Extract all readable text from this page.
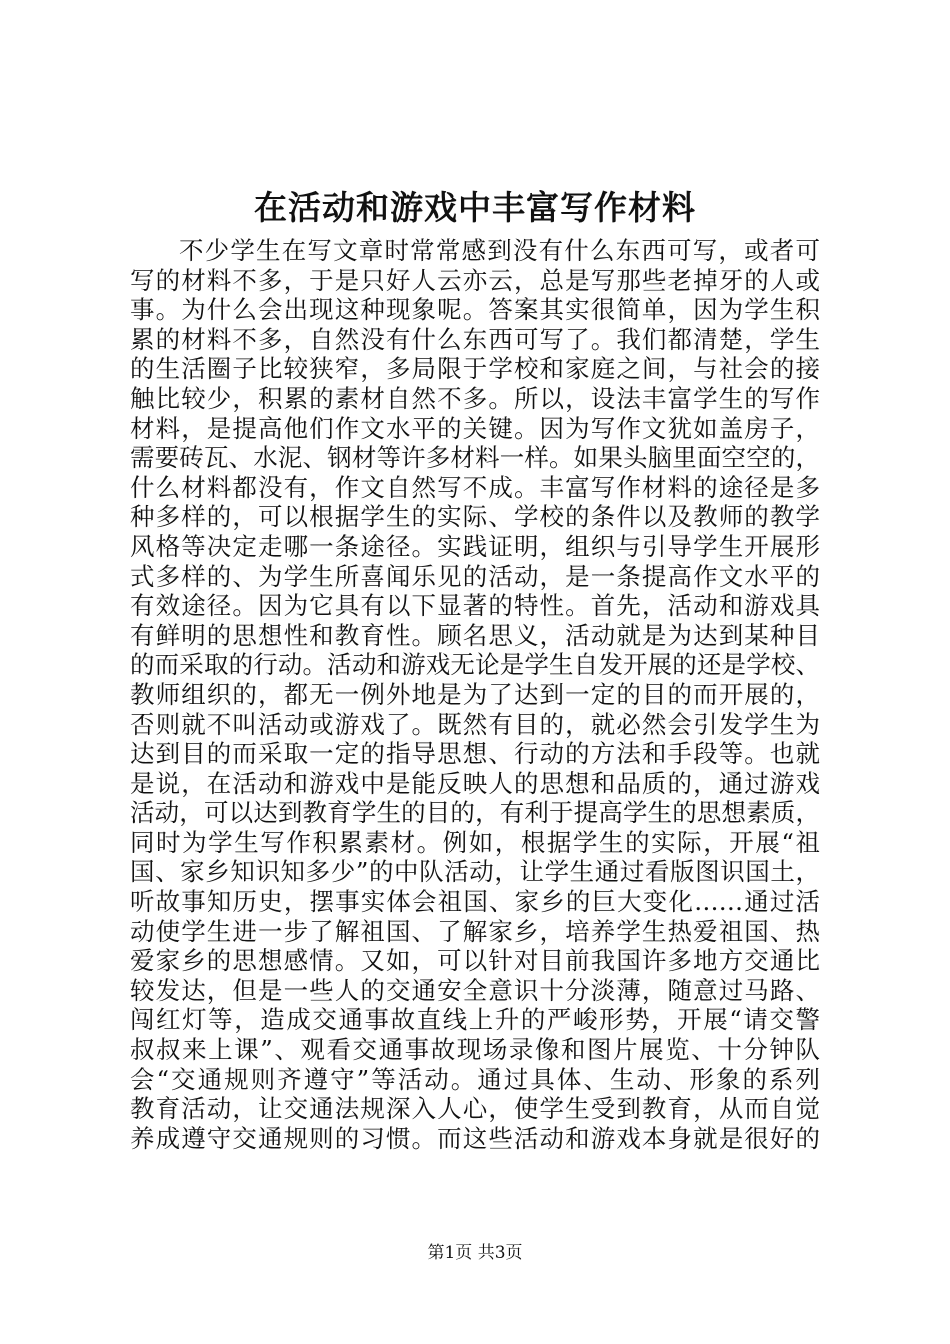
在活动和游戏中丰富写作材料
不少学生在写文章时常常感到没有什么东西可写，或者可
写的材料不多，于是只好人云亦云，总是写那些老掉牙的人或
事。为什么会出现这种现象呢。答案其实很简单，因为学生积
累的材料不多，自然没有什么东西可写了。我们都清楚，学生
的生活圈子比较狭窄，多局限于学校和家庭之间，与社会的接
触比较少，积累的素材自然不多。所以，设法丰富学生的写作
材料，是提高他们作文水平的关键。因为写作文犹如盖房子，
需要砖瓦、水泥、钢材等许多材料一样。如果头脑里面空空的，
什么材料都没有，作文自然写不成。丰富写作材料的途径是多
种多样的，可以根据学生的实际、学校的条件以及教师的教学
风格等决定走哪一条途径。实践证明，组织与引导学生开展形
式多样的、为学生所喜闻乐见的活动，是一条提高作文水平的
有效途径。因为它具有以下显著的特性。首先，活动和游戏具
有鲜明的思想性和教育性。顾名思义，活动就是为达到某种目
的而采取的行动。活动和游戏无论是学生自发开展的还是学校、
教师组织的，都无一例外地是为了达到一定的目的而开展的，
否则就不叫活动或游戏了。既然有目的，就必然会引发学生为
达到目的而采取一定的指导思想、行动的方法和手段等。也就
是说，在活动和游戏中是能反映人的思想和品质的，通过游戏
活动，可以达到教育学生的目的，有利于提高学生的思想素质，
同时为学生写作积累素材。例如，根据学生的实际，开展“祖
国、家乡知识知多少”的中队活动，让学生通过看版图识国土，
听故事知历史，摆事实体会祖国、家乡的巨大变化……通过活
动使学生进一步了解祖国、了解家乡，培养学生热爱祖国、热
爱家乡的思想感情。又如，可以针对目前我国许多地方交通比
较发达，但是一些人的交通安全意识十分淡薄，随意过马路、
闯红灯等，造成交通事故直线上升的严峻形势，开展“请交警
叔叔来上课”、观看交通事故现场录像和图片展览、十分钟队
会“交通规则齐遵守”等活动。通过具体、生动、形象的系列
教育活动，让交通法规深入人心，使学生受到教育，从而自觉
养成遵守交通规则的习惯。而这些活动和游戏本身就是很好的
第1页 共3页
